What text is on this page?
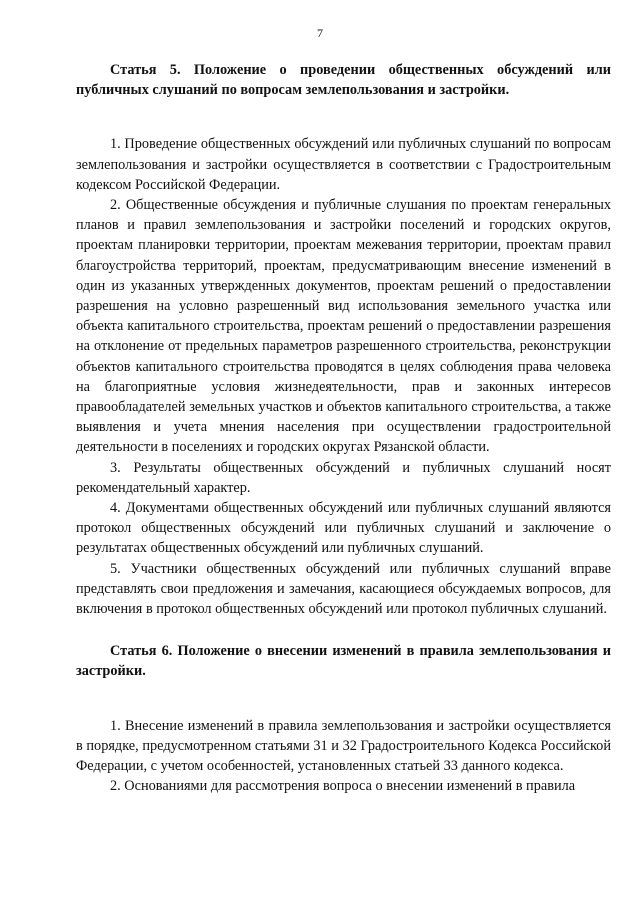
7

Статья 5. Положение о проведении общественных обсуждений или публичных слушаний по вопросам землепользования и застройки.

1. Проведение общественных обсуждений или публичных слушаний по вопросам землепользования и застройки осуществляется в соответствии с Градостроительным кодексом Российской Федерации.

2. Общественные обсуждения и публичные слушания по проектам генеральных планов и правил землепользования и застройки поселений и городских округов, проектам планировки территории, проектам межевания территории, проектам правил благоустройства территорий, проектам, предусматривающим внесение изменений в один из указанных утвержденных документов, проектам решений о предоставлении разрешения на условно разрешенный вид использования земельного участка или объекта капитального строительства, проектам решений о предоставлении разрешения на отклонение от предельных параметров разрешенного строительства, реконструкции объектов капитального строительства проводятся в целях соблюдения права человека на благоприятные условия жизнедеятельности, прав и законных интересов правообладателей земельных участков и объектов капитального строительства, а также выявления и учета мнения населения при осуществлении градостроительной деятельности в поселениях и городских округах Рязанской области.

3. Результаты общественных обсуждений и публичных слушаний носят рекомендательный характер.

4. Документами общественных обсуждений или публичных слушаний являются протокол общественных обсуждений или публичных слушаний и заключение о результатах общественных обсуждений или публичных слушаний.

5. Участники общественных обсуждений или публичных слушаний вправе представлять свои предложения и замечания, касающиеся обсуждаемых вопросов, для включения в протокол общественных обсуждений или протокол публичных слушаний.

Статья 6. Положение о внесении изменений в правила землепользования и застройки.

1. Внесение изменений в правила землепользования и застройки осуществляется в порядке, предусмотренном статьями 31 и 32 Градостроительного Кодекса Российской Федерации, с учетом особенностей, установленных статьей 33 данного кодекса.

2. Основаниями для рассмотрения вопроса о внесении изменений в правила
